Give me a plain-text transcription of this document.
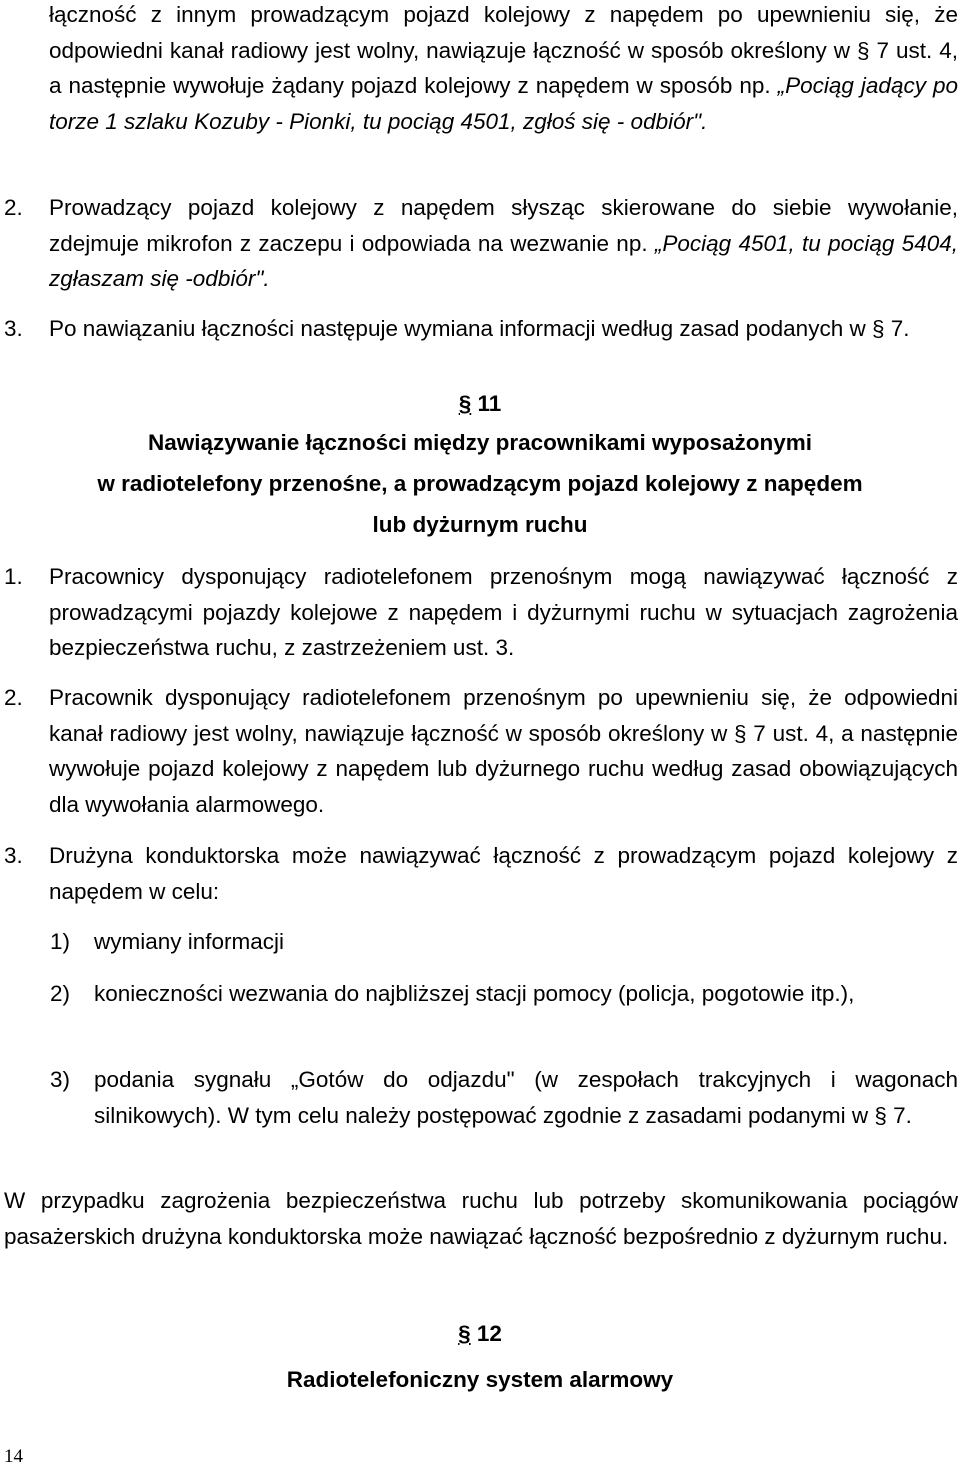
łączność z innym prowadzącym pojazd kolejowy z napędem po upewnieniu się, że odpowiedni kanał radiowy jest wolny, nawiązuje łączność w sposób określony w § 7 ust. 4, a następnie wywołuje żądany pojazd kolejowy z napędem w sposób np. „Pociąg jadący po torze 1 szlaku Kozuby - Pionki, tu pociąg 4501, zgłoś się - odbiór".
2. Prowadzący pojazd kolejowy z napędem słysząc skierowane do siebie wywołanie, zdejmuje mikrofon z zaczepu i odpowiada na wezwanie np. „Pociąg 4501, tu pociąg 5404, zgłaszam się -odbiór".
3. Po nawiązaniu łączności następuje wymiana informacji według zasad podanych w § 7.
§ 11
Nawiązywanie łączności między pracownikami wyposażonymi
w radiotelefony przenośne, a prowadzącym pojazd kolejowy z napędem
lub dyżurnym ruchu
1. Pracownicy dysponujący radiotelefonem przenośnym mogą nawiązywać łączność z prowadzącymi pojazdy kolejowe z napędem i dyżurnymi ruchu w sytuacjach zagrożenia bezpieczeństwa ruchu, z zastrzeżeniem ust. 3.
2. Pracownik dysponujący radiotelefonem przenośnym po upewnieniu się, że odpowiedni kanał radiowy jest wolny, nawiązuje łączność w sposób określony w § 7 ust. 4, a następnie wywołuje pojazd kolejowy z napędem lub dyżurnego ruchu według zasad obowiązujących dla wywołania alarmowego.
3. Drużyna konduktorska może nawiązywać łączność z prowadzącym pojazd kolejowy z napędem w celu:
1) wymiany informacji
2) konieczności wezwania do najbliższej stacji pomocy (policja, pogotowie itp.),
3) podania sygnału „Gotów do odjazdu" (w zespołach trakcyjnych i wagonach silnikowych). W tym celu należy postępować zgodnie z zasadami podanymi w § 7.
W przypadku zagrożenia bezpieczeństwa ruchu lub potrzeby skomunikowania pociągów pasażerskich drużyna konduktorska może nawiązać łączność bezpośrednio z dyżurnym ruchu.
§ 12
Radiotelefoniczny system alarmowy
14
